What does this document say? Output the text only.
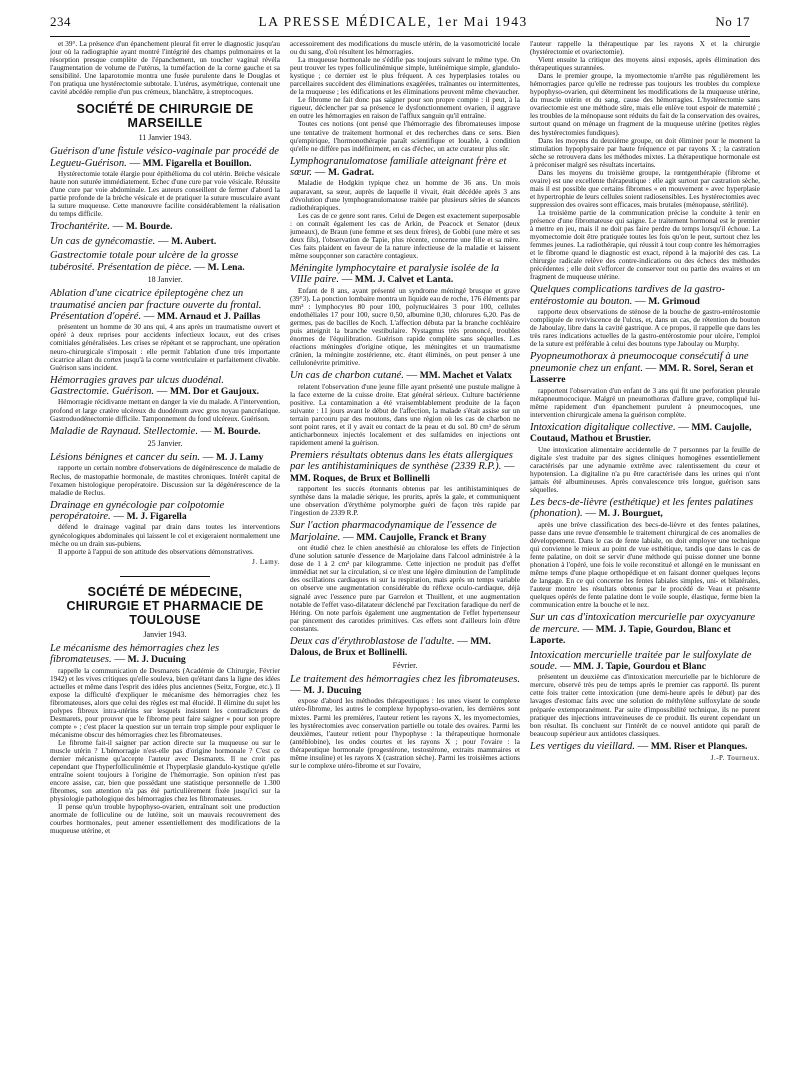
234	LA PRESSE MÉDICALE, 1er Mai 1943	No 17

et 39°. La présence d'un épanchement pleural fit errer le diagnostic jusqu'au jour où la radiographie ayant montré l'intégrité des champs pulmonaires et la résorption presque complète de l'épanchement, un toucher vaginal révéla l'augmentation de volume de l'utérus, la tuméfaction de la corne gauche et sa sensibilité. Une laparotomie montra une fusée purulente dans le Douglas et l'on pratiqua une hystérectomie subtotale. L'utérus, asymétrique, contenait une cavité abcédée remplie d'un pus crémeux, blanchâtre, à streptocoques.

SOCIÉTÉ DE CHIRURGIE DE MARSEILLE
11 Janvier 1943.
Guérison d'une fistule vésico-vaginale par procédé de Legueu-Guérison. — MM. Figarella et Bouillon.

Hystérectomie totale élargie pour épithélioma du col utérin. Brèche vésicale haute non suturée immédiatement. Echec d'une cure par voie vésicale. Réussite d'une cure par voie abdominale. Les auteurs conseillent de fermer d'abord la partie profonde de la brèche vésicale et de pratiquer la suture musculaire avant la suture muqueuse. Cette manœuvre facilite considérablement la réalisation du temps difficile.

Trochantérite. — M. Bourde.
Un cas de gynécomastie. — M. Aubert.
Gastrectomie totale pour ulcère de la grosse tubérosité. Présentation de pièce. — M. Lena.
18 Janvier.
Ablation d'une cicatrice épileptogène chez un traumatisé ancien par fracture ouverte du frontal. Présentation d'opéré. — MM. Arnaud et J. Paillas

présentent un homme de 30 ans qui, 4 ans après un traumatisme ouvert et opéré à deux reprises pour accidents infectieux locaux, eut des crises comitiales généralisées. Les crises se répétant et se rapprochant, une opération neuro-chirurgicale s'imposait : elle permit l'ablation d'une très importante cicatrice allant du cortex jusqu'à la corne ventriculaire et parfaitement clivable. Guérison sans incident.

Hémorragies graves par ulcus duodénal. Gastrectomie. Guérison. — MM. Dor et Gaujoux.

Hémorragie récidivante mettant en danger la vie du malade. A l'intervention, profond et large cratère ulcéreux du duodénum avec gros noyau pancréatique. Gastroduodénectomie difficile. Tamponnement du fond ulcéreux. Guérison.

Maladie de Raynaud. Stellectomie. — M. Bourde.
25 Janvier.
Lésions bénignes et cancer du sein. — M. J. Lamy

rapporte un certain nombre d'observations de dégénérescence de maladie de Reclus, de mastopathie hormonale, de mastites chroniques. Intérêt capital de l'examen histologique peropératoire. Discussion sur la dégénérescence de la maladie de Reclus.

Drainage en gynécologie par colpotomie peropératoire. — M. J. Figarella

défend le drainage vaginal par drain dans toutes les interventions gynécologiques abdominales qui laissent le col et exigeraient normalement une mèche ou un drain sus-pubiens.

Il apporte à l'appui de son attitude des observations démonstratives.

J. Lamy.
SOCIÉTÉ DE MÉDECINE, CHIRURGIE ET PHARMACIE DE TOULOUSE
Janvier 1943.
Le mécanisme des hémorragies chez les fibromateuses. — M. J. Ducuing

rappelle la communication de Desmarets (Académie de Chirurgie, Février 1942) et les vives critiques qu'elle souleva, bien qu'étant dans la ligne des idées actuelles et même dans l'esprit des idées plus anciennes (Seitz, Forgue, etc.). Il expose la difficulté d'expliquer le mécanisme des hémorragies chez les fibromateuses, alors que celui des règles est mal élucidé. Il élimine du sujet les polypes fibreux intra-utérins sur lesquels insistent les contradicteurs de Desmarets, pour prouver que le fibrome peut faire saigner « pour son propre compte » ; c'est placer la question sur un terrain trop simple pour expliquer le mécanisme obscur des hémorragies chez les fibromateuses.

Le fibrome fait-il saigner par action directe sur la muqueuse ou sur le muscle utérin ? L'hémorragie n'est-elle pas d'origine hormonale ? C'est ce dernier mécanisme qu'accepte l'auteur avec Desmarets. Il ne croit pas cependant que l'hyperfolliculinémie et l'hyperplasie glandulo-kystique qu'elle entraîne soient toujours à l'origine de l'hémorragie. Son opinion n'est pas encore assise, car, bien que possédant une statistique personnelle de 1.300 fibromes, son attention n'a pas été particulièrement fixée jusqu'ici sur la physiologie pathologique des hémorragies chez les fibromateuses.

Il pense qu'un trouble hypophyso-ovarien, entraînant soit une production anormale de folliculine ou de lutéine, soit un mauvais recouvrement des courbes hormonales, peut amener essentiellement des modifications de la muqueuse utérine, et

accessoirement des modifications du muscle utérin, de la vasomotricité locale ou du sang, d'où résultent les hémorragies.

La muqueuse hormonale ne s'édifie pas toujours suivant le même type. On peut trouver les types folliculinémique simple, lutéinémique simple, glandulo-kystique ; ce dernier est le plus fréquent. A ces hyperplasies totales ou parcellaires succèdent des éliminations exagérées, traînantes ou intermittentes, de la muqueuse ; les édifications et les éliminations peuvent même chevaucher.

Le fibrome ne fait donc pas saigner pour son propre compte : il peut, à la rigueur, déclencher par sa présence le dysfonctionnement ovarien, il aggrave en outre les hémorragies en raison de l'afflux sanguin qu'il entraîne.

Toutes ces notions (ont pensé que l'hémorragie des fibromateuses impose une tentative de traitement hormonal et des recherches dans ce sens. Bien qu'empirique, l'hormonothérapie paraît scientifique et louable, à condition qu'elle ne diffère pas indéfiniment, en cas d'échec, un acte curateur plus sûr.

Lymphogranulomatose familiale atteignant frère et sœur. — M. Gadrat.

Maladie de Hodgkin typique chez un homme de 36 ans. Un mois auparavant, sa sœur, auprès de laquelle il vivait, était décédée après 3 ans d'évolution d'une lymphogranulomatose traitée par plusieurs séries de séances radiothérapiques.

Les cas de ce genre sont rares. Celui de Degen est exactement superposable : on connaît également les cas de Arkin, de Peacock et Senator (deux jumeaux), de Braun (une femme et ses deux frères), de Gobbi (une mère et ses deux fils), l'observation de Tapie, plus récente, concerne une fille et sa mère. Ces faits plaident en faveur de la nature infectieuse de la maladie et laissent même soupçonner son caractère contagieux.

Méningite lymphocytaire et paralysie isolée de la VIIIe paire. — MM. J. Calvet et Lanta.

Enfant de 8 ans, ayant présenté un syndrome méningé brusque et grave (39°3). La ponction lombaire montra un liquide eau de roche, 176 éléments par mm³ : lymphocytes 80 pour 100, polynucléaires 3 pour 100, cellules endothéliales 17 pour 100, sucre 0,50, albumine 0,30, chlorures 6,20. Pas de germes, pas de bacilles de Koch. L'affection débuta par la branche cochléaire puis atteignit la branche vestibulaire. Nystagmus très prononcé, troubles énormes de l'équilibration. Guérison rapide complète sans séquelles. Les réactions méningées d'origine otique, les méningites et un traumatisme crânien, la méningite zostérienne, etc. étant éliminés, on peut penser à une cellulonévrite primitive.

Un cas de charbon cutané. — MM. Machet et Valatx

relatent l'observation d'une jeune fille ayant présenté une pustule maligne à la face externe de la cuisse droite. Etat général sérieux. Culture bactérienne positive. La contamination a été vraisemblablement produite de la façon suivante : 11 jours avant le début de l'affection, la malade s'était assise sur un terrain parcouru par des moutons, dans une région où les cas de charbon ne sont point rares, et il y avait eu contact de la peau et du sol. 80 cm³ de sérum anticharbonneux injectés localement et des sulfamides en injections ont rapidement amené la guérison.

Premiers résultats obtenus dans les états allergiques par les antihistaminiques de synthèse (2339 R.P.). — MM. Roques, de Brux et Bollinelli

rapportent les succès étonnants obtenus par les antihistaminiques de synthèse dans la maladie sérique, les prurits, après la gale, et communiquent une observation d'érythème polymorphe guéri de façon très rapide par l'ingestion de 2339 R.P.

Sur l'action pharmacodynamique de l'essence de Marjolaine. — MM. Caujolle, Franck et Brany

ont étudié chez le chien anesthésié au chloralose les effets de l'injection d'une solution saturée d'essence de Marjolaine dans l'alcool administrée à la dose de 1 à 2 cm³ par kilogramme. Cette injection ne produit pas d'effet immédiat net sur la circulation, si ce n'est une légère diminution de l'amplitude des oscillations cardiaques ni sur la respiration, mais après un temps variable on observe une augmentation considérable du réflexe oculo-cardiaque, déjà signalé avec l'essence pure par Garrelon et Thuillent, et une augmentation notable de l'effet vaso-dilatateur déclenché par l'excitation faradique du nerf de Héring. On note parfois également une augmentation de l'effet hypertenseur par pincement des carotides primitives. Ces effets sont d'ailleurs loin d'être constants.

Deux cas d'érythroblastose de l'adulte. — MM. Dalous, de Brux et Bollinelli.
Février.
Le traitement des hémorragies chez les fibromateuses. — M. J. Ducuing

expose d'abord les méthodes thérapeutiques : les unes visent le complexe utéro-fibrome, les autres le complexe hypophyso-ovarien, les dernières sont mixtes. Parmi les premières, l'auteur retient les rayons X, les myomectomies, les hystérectomies avec conservation partielle ou totale des ovaires. Parmi les deuxièmes, l'auteur retient pour l'hypophyse : la thérapeutique hormonale (antéblobine), les ondes courtes et les rayons X ; pour l'ovaire : la thérapeutique hormonale (progestérone, testostérone, extraits mammaires et même insuline) et les rayons X (castration sèche). Parmi les troisièmes actions sur le complexe utéro-fibrome et sur l'ovaire,

l'auteur rappelle la thérapeutique par les rayons X et la chirurgie (hystérectomie et ovariectomie).

Vient ensuite la critique des moyens ainsi exposés, après élimination des thérapeutiques surannées.

Dans le premier groupe, la myomectomie n'arrête pas régulièrement les hémorragies parce qu'elle ne redresse pas toujours les troubles du complexe hypophyso-ovarien, qui déterminent les modifications de la muqueuse utérine, du muscle utérin et du sang, cause des hémorragies. L'hystérectomie sans ovariectomie est une méthode sûre, mais elle enlève tout espoir de maternité ; les troubles de la ménopause sont réduits du fait de la conservation des ovaires, surtout quand on ménage un fragment de la muqueuse utérine (petites règles des hystérectomies fundiques).

Dans les moyens du deuxième groupe, on doit éliminer pour le moment la stimulation hypophysaire par haute fréquence et par rayons X ; la castration sèche se retrouvera dans les méthodes mixtes. La thérapeutique hormonale est à préconiser malgré ses résultats incertains.

Dans les moyens du troisième groupe, la rœntgenthérapie (fibrome et ovaire) est une excellente thérapeutique : elle agit surtout par castration sèche, mais il est possible que certains fibromes « en mouvement » avec hyperplasie et hypertrophie de leurs cellules soient radiosensibles. Les hystérectomies avec suppression des ovaires sont efficaces, mais brutales (ménopause, stérilité).

La troisième partie de la communication précise la conduite à tenir en présence d'une fibromateuse qui saigne. Le traitement hormonal est le premier à mettre en jeu, mais il ne doit pas faire perdre du temps lorsqu'il échoue. La myomectomie doit être pratiquée toutes les fois qu'on le peut, surtout chez les femmes jeunes. La radiothérapie, qui réussit à tout coup contre les hémorragies et le fibrome quand le diagnostic est exact, répond à la majorité des cas. La chirurgie radicale relève des contre-indications ou des échecs des méthodes précédentes ; elle doit s'efforcer de conserver tout ou partie des ovaires et un fragment de muqueuse utérine.

Quelques complications tardives de la gastro-entérostomie au bouton. — M. Grimoud

rapporte deux observations de sténose de la bouche de gastro-entérostomie compliquée de reviviscence de l'ulcus, et, dans un cas, de rétention du bouton de Jaboulay, libre dans la cavité gastrique. A ce propos, il rappelle que dans les très rares indications actuelles de la gastro-entérostomie pour ulcère, l'emploi de la suture est préférable à celui des boutons type Jaboulay ou Murphy.

Pyopneumothorax à pneumocoque consécutif à une pneumonie chez un enfant. — MM. R. Sorel, Seran et Lasserre

rapportent l'observation d'un enfant de 3 ans qui fit une perforation pleurale métapneumococique. Malgré un pneumothorax d'allure grave, compliqué lui-même rapidement d'un épanchement purulent à pneumocoques, une intervention chirurgicale amena la guérison complète.

Intoxication digitalique collective. — MM. Caujolle, Coutaud, Mathou et Brustier.

Une intoxication alimentaire accidentelle de 7 personnes par la feuille de digitale s'est traduite par des signes cliniques homogènes essentiellement caractérisés par une adynamie extrême avec ralentissement du cœur et hypotension. La digitaline n'a pu être caractérisée dans les urines qui n'ont jamais été albumineuses. Après convalescence très longue, guérison sans séquelles.

Les becs-de-lièvre (esthétique) et les fentes palatines (phonation). — M. J. Bourguet,

après une brève classification des becs-de-lièvre et des fentes palatines, passe dans une revue d'ensemble le traitement chirurgical de ces anomalies de développement. Dans le cas de fente labiale, on doit employer une technique qui convienne le mieux au point de vue esthétique, tandis que dans le cas de fente palatine, on doit se servir d'une méthode qui puisse donner une bonne phonation à l'opéré, une fois le voile reconstitué et allongé en le munissant en même temps d'une plaque orthopédique et en faisant donner quelques leçons de langage. En ce qui concerne les fentes labiales simples, uni- et bilatérales, l'auteur montre les résultats obtenus par le procédé de Veau et présente quelques opérés de fente palatine dont le voile souple, élastique, ferme bien la communication entre la bouche et le nez.

Sur un cas d'intoxication mercurielle par oxycyanure de mercure. — MM. J. Tapie, Gourdou, Blanc et Laporte.
Intoxication mercurielle traitée par le sulfoxylate de soude. — MM. J. Tapie, Gourdou et Blanc

présentent un deuxième cas d'intoxication mercurielle par le bichlorure de mercure, observé très peu de temps après le premier cas rapporté. Ils purent cette fois traiter cette intoxication (une demi-heure après le début) par des lavages d'estomac faits avec une solution de méthylène sulfoxylate de soude préparée extemporanément. Par suite d'impossibilité technique, ils ne purent pratiquer des injections intraveineuses de ce produit. Ils eurent cependant un bon résultat. Ils concluent sur l'intérêt de ce nouvel antidote qui paraît de beaucoup supérieur aux antidotes classiques.

Les vertiges du vieillard. — MM. Riser et Planques.
J.-P. Tourneux.
